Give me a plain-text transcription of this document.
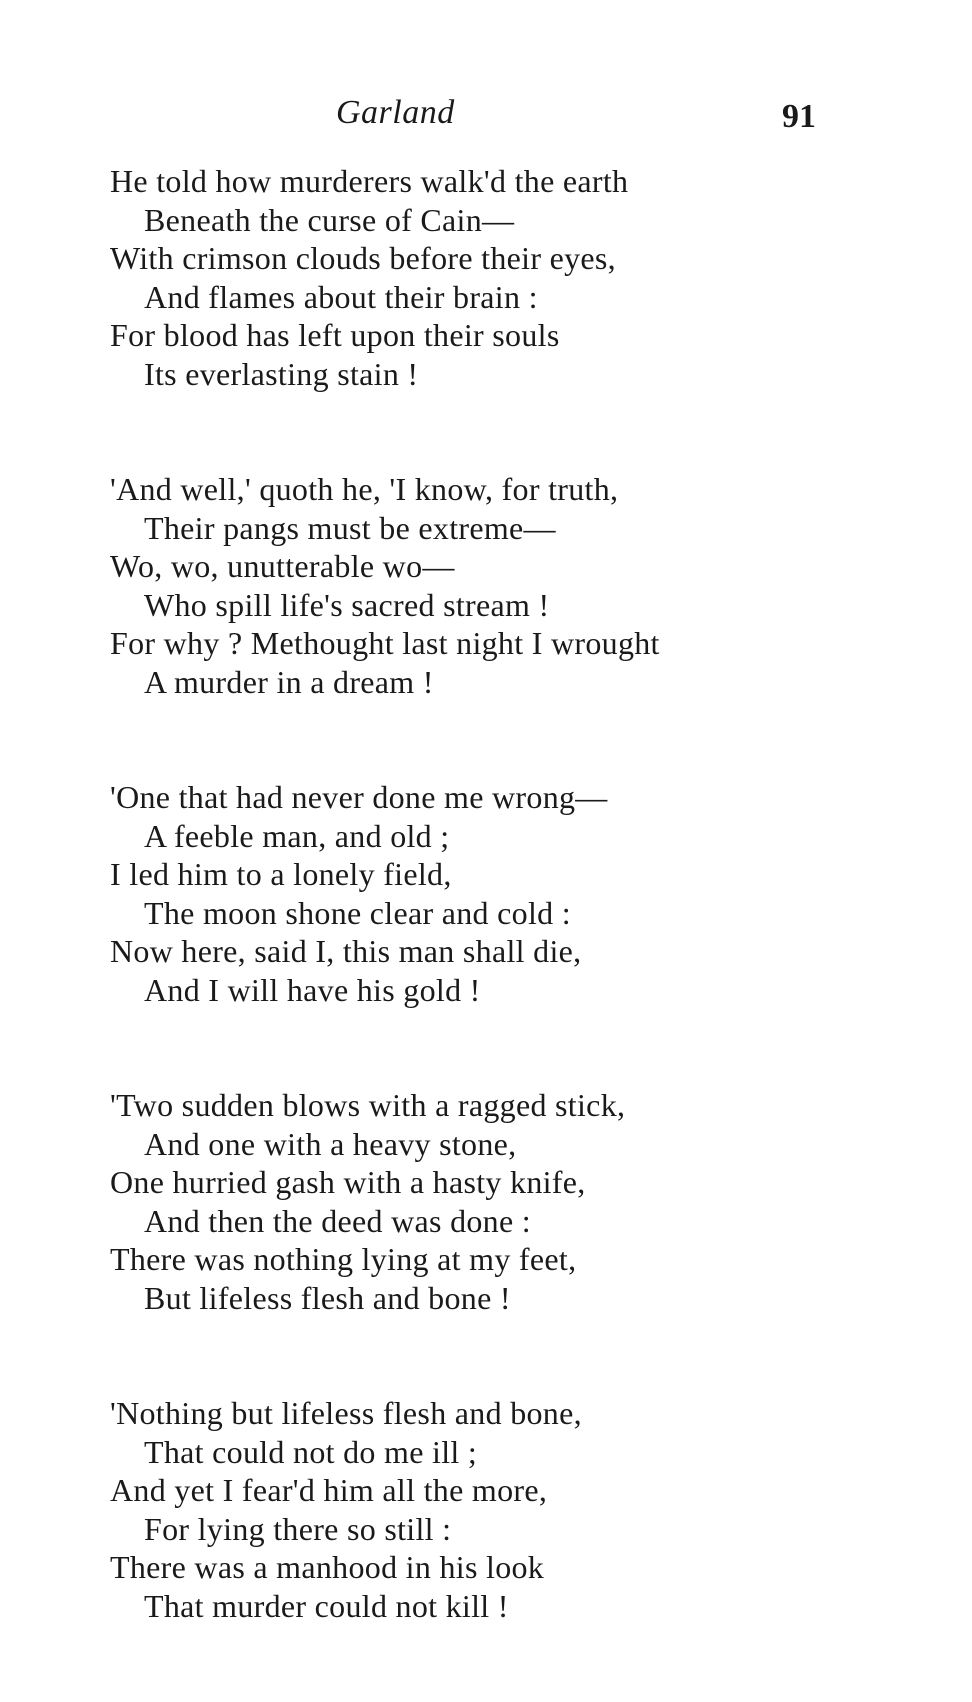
Garland	91
He told how murderers walk'd the earth
Beneath the curse of Cain—
With crimson clouds before their eyes,
And flames about their brain :
For blood has left upon their souls
Its everlasting stain !
'And well,' quoth he, 'I know, for truth,
Their pangs must be extreme—
Wo, wo, unutterable wo—
Who spill life's sacred stream !
For why ? Methought last night I wrought
A murder in a dream !
'One that had never done me wrong—
A feeble man, and old ;
I led him to a lonely field,
The moon shone clear and cold :
Now here, said I, this man shall die,
And I will have his gold !
'Two sudden blows with a ragged stick,
And one with a heavy stone,
One hurried gash with a hasty knife,
And then the deed was done :
There was nothing lying at my feet,
But lifeless flesh and bone !
'Nothing but lifeless flesh and bone,
That could not do me ill ;
And yet I fear'd him all the more,
For lying there so still :
There was a manhood in his look
That murder could not kill !
